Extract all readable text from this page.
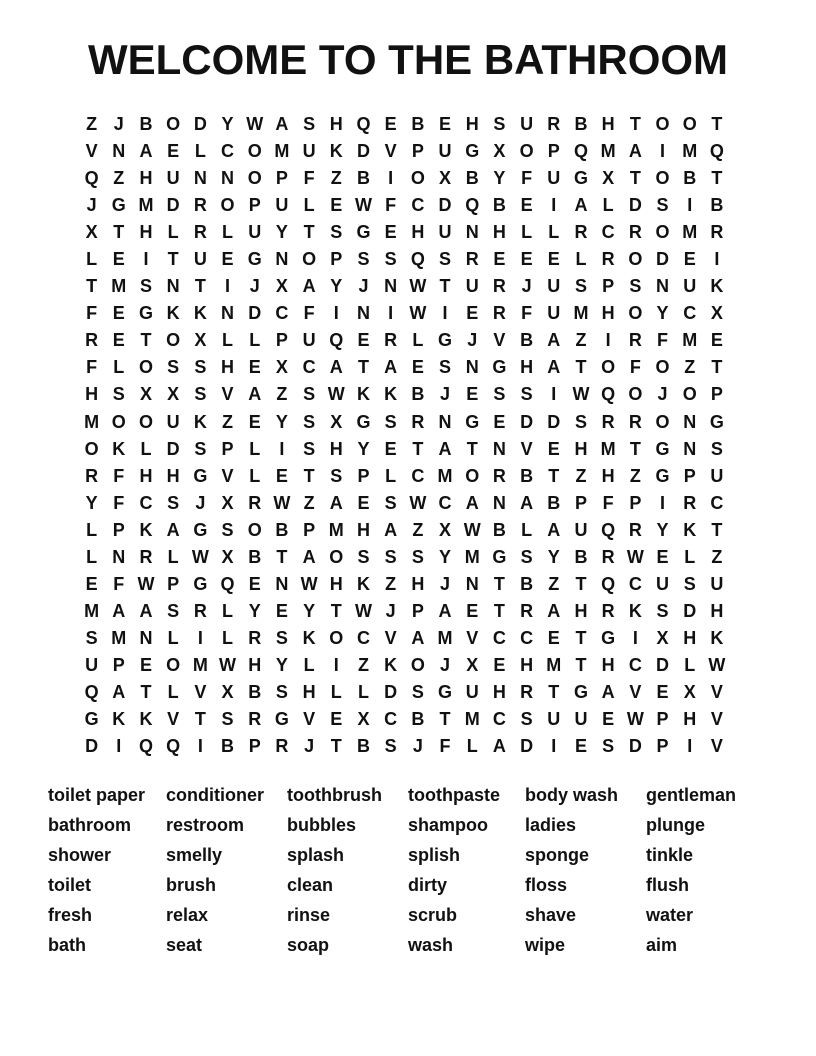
WELCOME TO THE BATHROOM
Z J B O D Y W A S H Q E B E H S U R B H T O O T
V N A E L C O M U K D V P U G X O P Q M A	I M Q
Q Z H U N N O P F Z B	I O X B Y F U G X T O B T
J G M D R O P U L E W F C D Q B E	I	A L D S	I	B
X T H L R L U Y T S G E H U N H L L R C R O M R
L E	I	T U E G N O P S S Q S R E E E L R O D E	I
T M S N T	I	J X A Y J N W T U R J U S P S N U K
F E G K K N D C F	I	N	I W I	E R F U M H O Y C X
R E T O X L L P U Q E R L G J V B A Z	I	R F M E
F L O S S H E X C A T A E S N G H A T O F O Z T
H S X X S V A Z S W K K B J E S S	I W Q O J O P
M O O U K Z E Y S X G S R N G E D D S R R O N G
O K L D S P L	I	S H Y E T A T N V E H M T G N S
R F H H G V L E T S P L C M O R B T Z H Z G P U
Y F C S J X R W Z A E S W C A N A B P F P	I	R C
L P K A G S O B P M H A Z X W B L A U Q R Y K T
L N R L W X B T A O S S S Y M G S Y B R W E L Z
E F W P G Q E N W H K Z H J N T B Z T Q C U S U
M A A S R L Y E Y T W J P A E T R A H R K S D H
S M N L	I	L R S K O C V A M V C C E T G I	X H K
U P E O M W H Y L	I	Z K O J X E H M T H C D L W
Q A T L V X B S H L L D S G U H R T G A V E X V
G K K V T S R G V E X C B T M C S U U E W P H V
D	I Q Q I	B P R J T B S J F L A D	I	E S D P	I	V
toilet paper	conditioner	toothbrush	toothpaste	body wash	gentleman
bathroom	restroom	bubbles	shampoo	ladies	plunge
shower	smelly	splash	splish	sponge	tinkle
toilet	brush	clean	dirty	floss	flush
fresh	relax	rinse	scrub	shave	water
bath	seat	soap	wash	wipe	aim
